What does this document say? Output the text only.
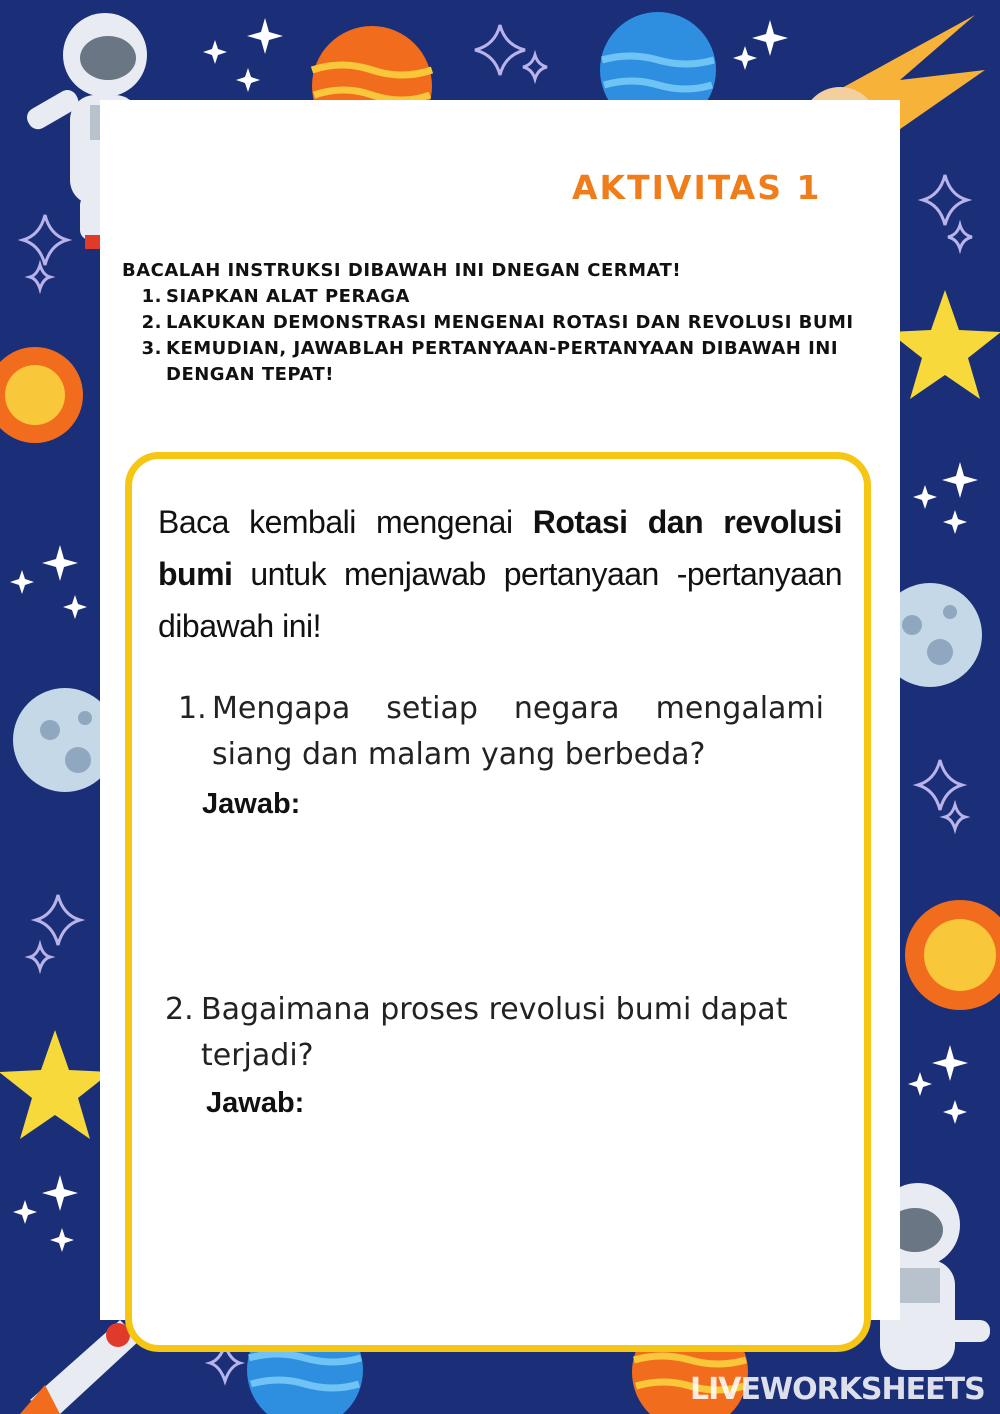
AKTIVITAS 1

BACALAH INSTRUKSI DIBAWAH INI DNEGAN CERMAT!

1. SIAPKAN ALAT PERAGA
2. LAKUKAN DEMONSTRASI MENGENAI ROTASI DAN REVOLUSI BUMI
3. KEMUDIAN, JAWABLAH PERTANYAAN-PERTANYAAN DIBAWAH INI DENGAN TEPAT!
Baca kembali mengenai Rotasi dan revolusi bumi untuk menjawab pertanyaan -pertanyaan dibawah ini!
1. Mengapa setiap negara mengalami siang dan malam yang berbeda?
Jawab:
2. Bagaimana proses revolusi bumi dapat terjadi?
Jawab:
LIVEWORKSHEETS
